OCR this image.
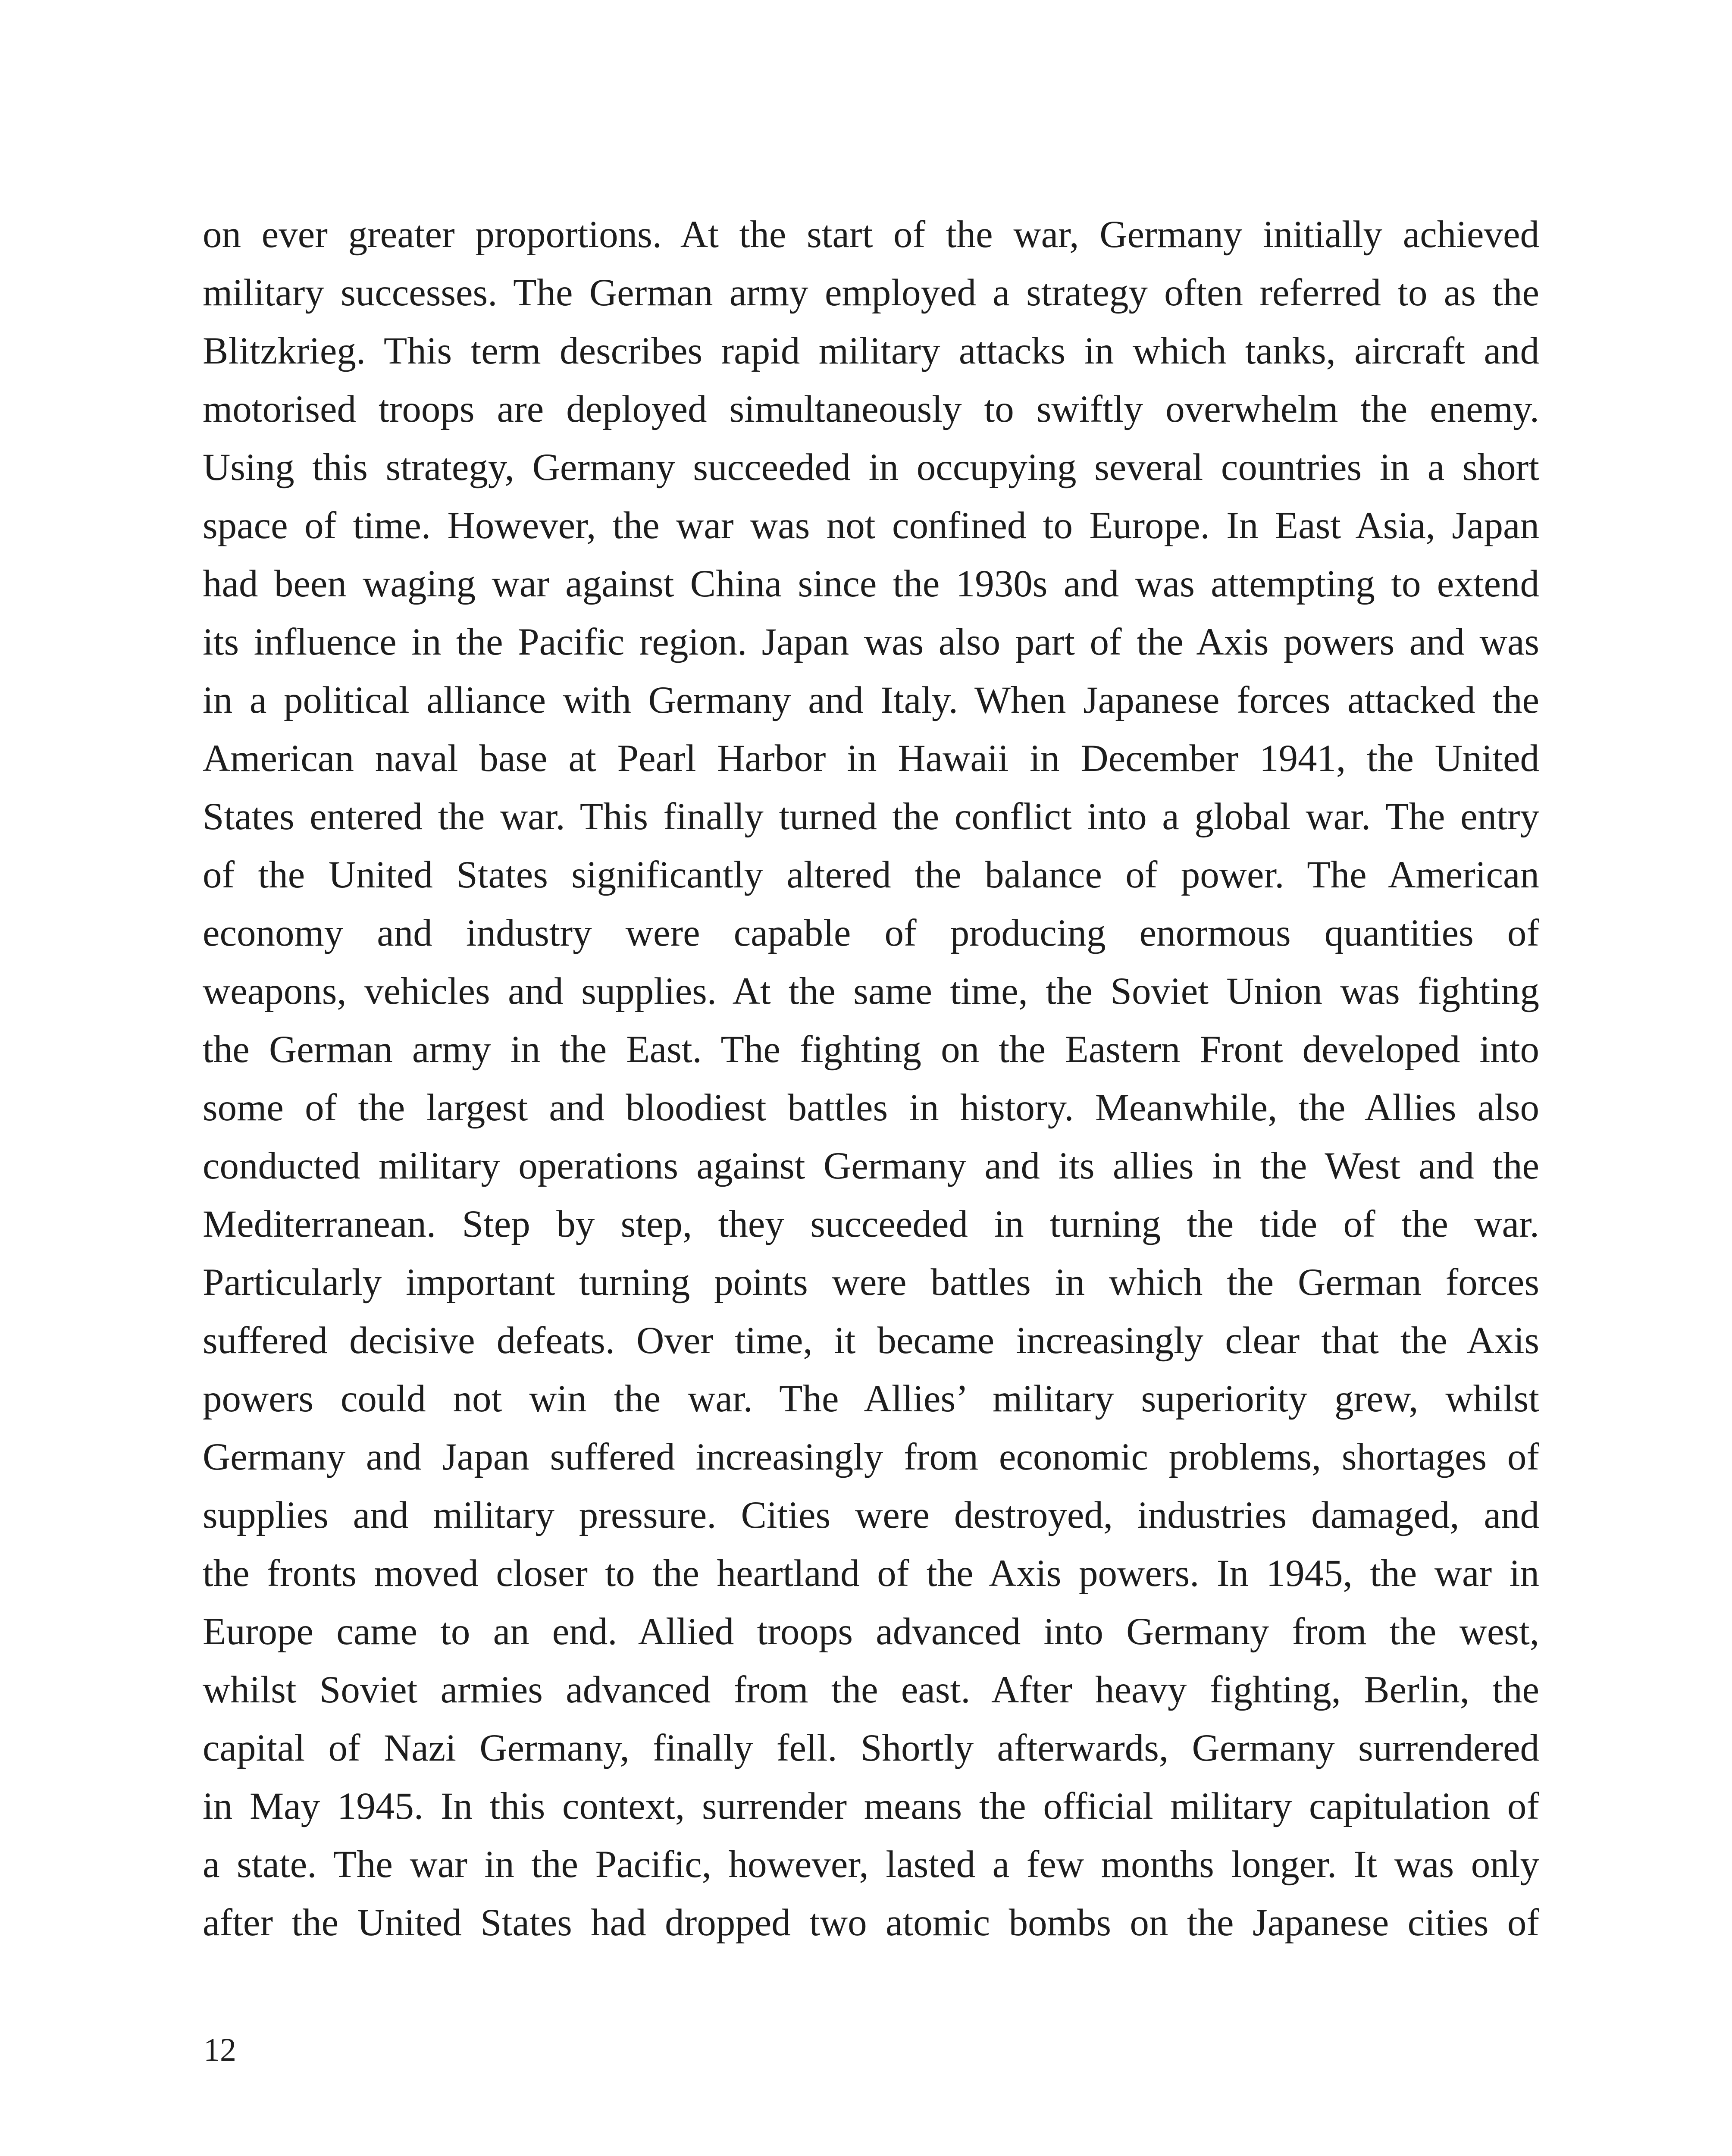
on ever greater proportions. At the start of the war, Germany initially achieved
military successes. The German army employed a strategy often referred to as the
Blitzkrieg. This term describes rapid military attacks in which tanks, aircraft and
motorised troops are deployed simultaneously to swiftly overwhelm the enemy.
Using this strategy, Germany succeeded in occupying several countries in a short
space of time. However, the war was not confined to Europe. In East Asia, Japan
had been waging war against China since the 1930s and was attempting to extend
its influence in the Pacific region. Japan was also part of the Axis powers and was
in a political alliance with Germany and Italy. When Japanese forces attacked the
American naval base at Pearl Harbor in Hawaii in December 1941, the United
States entered the war. This finally turned the conflict into a global war. The entry
of the United States significantly altered the balance of power. The American
economy and industry were capable of producing enormous quantities of
weapons, vehicles and supplies. At the same time, the Soviet Union was fighting
the German army in the East. The fighting on the Eastern Front developed into
some of the largest and bloodiest battles in history. Meanwhile, the Allies also
conducted military operations against Germany and its allies in the West and the
Mediterranean. Step by step, they succeeded in turning the tide of the war.
Particularly important turning points were battles in which the German forces
suffered decisive defeats. Over time, it became increasingly clear that the Axis
powers could not win the war. The Allies’ military superiority grew, whilst
Germany and Japan suffered increasingly from economic problems, shortages of
supplies and military pressure. Cities were destroyed, industries damaged, and
the fronts moved closer to the heartland of the Axis powers. In 1945, the war in
Europe came to an end. Allied troops advanced into Germany from the west,
whilst Soviet armies advanced from the east. After heavy fighting, Berlin, the
capital of Nazi Germany, finally fell. Shortly afterwards, Germany surrendered
in May 1945. In this context, surrender means the official military capitulation of
a state. The war in the Pacific, however, lasted a few months longer. It was only
after the United States had dropped two atomic bombs on the Japanese cities of
12
